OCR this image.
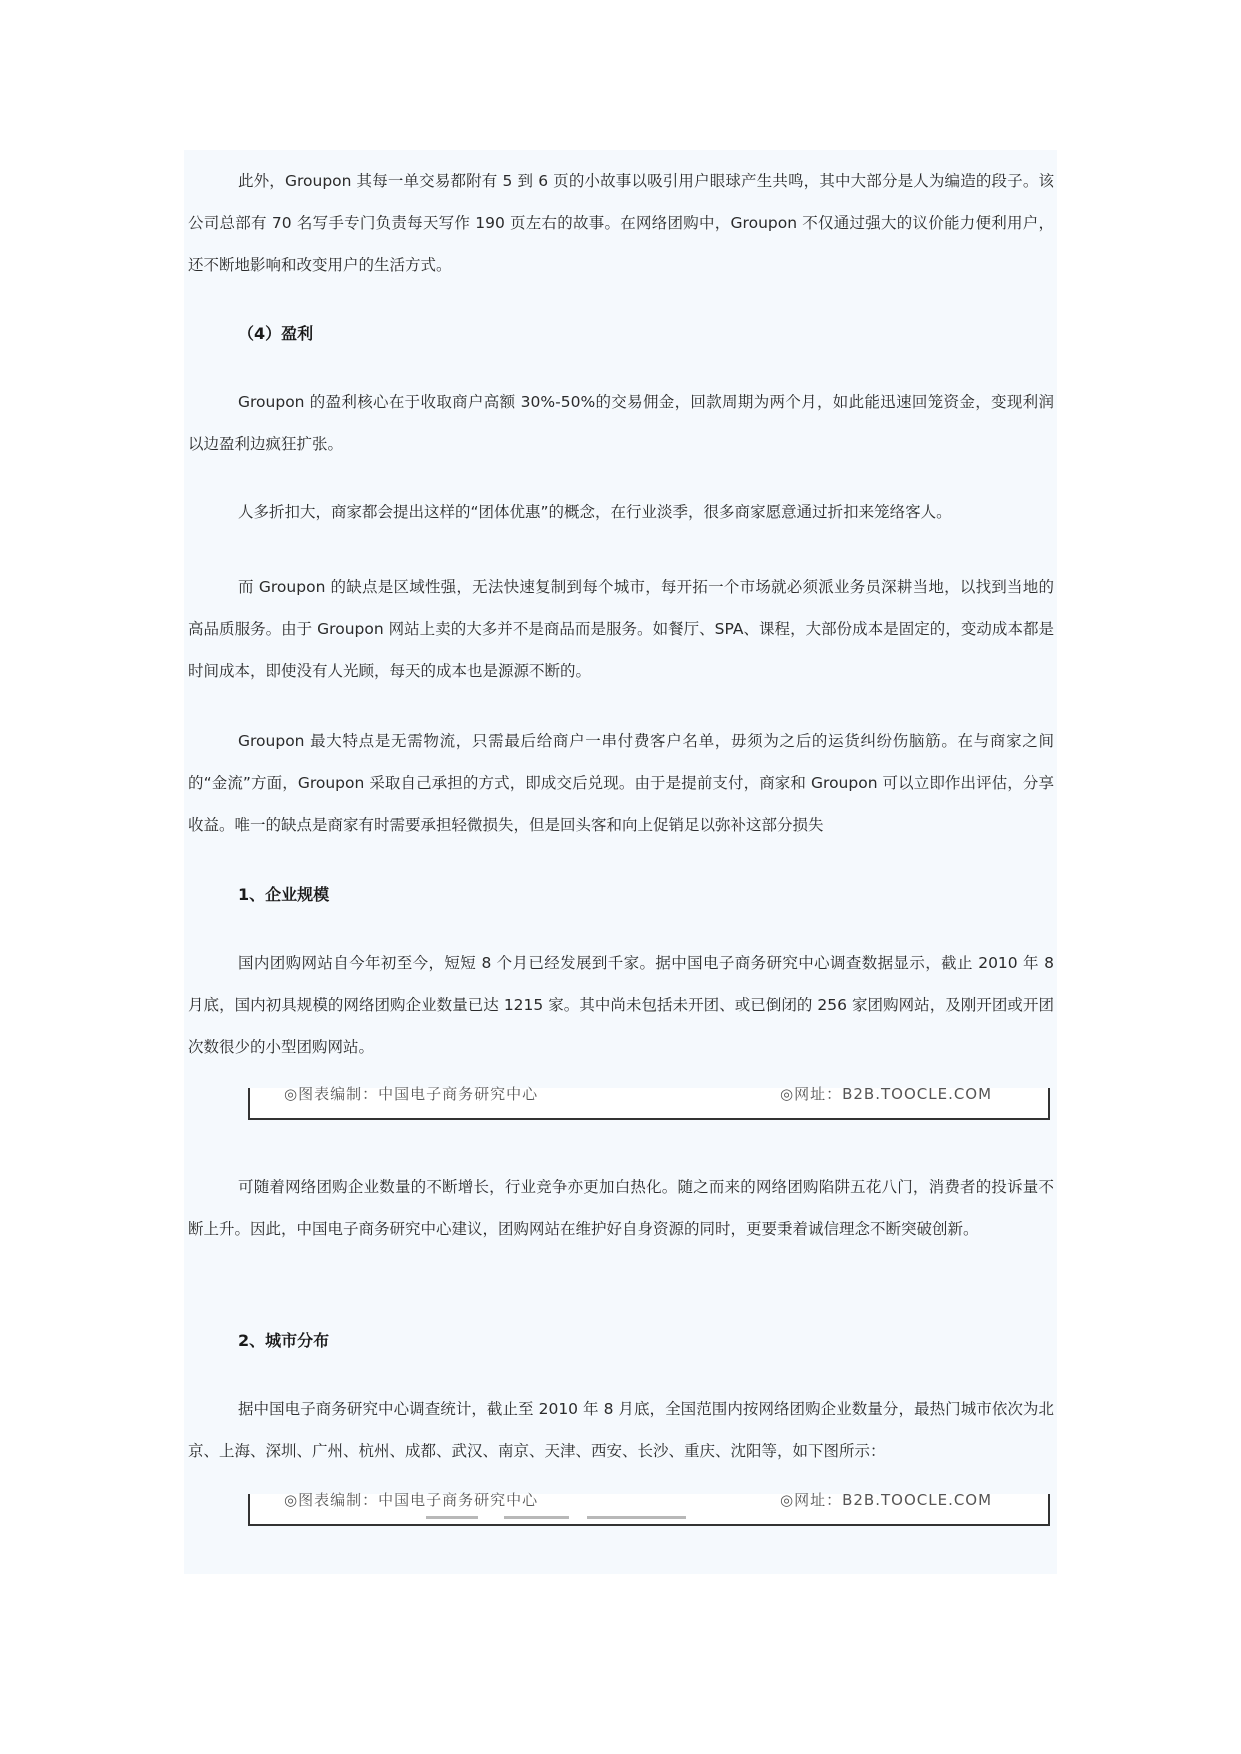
此外，Groupon 其每一单交易都附有 5 到 6 页的小故事以吸引用户眼球产生共鸣，其中大部分是人为编造的段子。该公司总部有 70 名写手专门负责每天写作 190 页左右的故事。在网络团购中，Groupon 不仅通过强大的议价能力便利用户，还不断地影响和改变用户的生活方式。

（4）盈利

Groupon 的盈利核心在于收取商户高额 30%-50%的交易佣金，回款周期为两个月，如此能迅速回笼资金，变现利润以边盈利边疯狂扩张。

人多折扣大，商家都会提出这样的“团体优惠”的概念，在行业淡季，很多商家愿意通过折扣来笼络客人。

而 Groupon 的缺点是区域性强，无法快速复制到每个城市，每开拓一个市场就必须派业务员深耕当地，以找到当地的高品质服务。由于 Groupon 网站上卖的大多并不是商品而是服务。如餐厅、SPA、课程，大部份成本是固定的，变动成本都是时间成本，即使没有人光顾，每天的成本也是源源不断的。

Groupon 最大特点是无需物流，只需最后给商户一串付费客户名单，毋须为之后的运货纠纷伤脑筋。在与商家之间的“金流”方面，Groupon 采取自己承担的方式，即成交后兑现。由于是提前支付，商家和 Groupon 可以立即作出评估，分享收益。唯一的缺点是商家有时需要承担轻微损失，但是回头客和向上促销足以弥补这部分损失

1、企业规模

国内团购网站自今年初至今，短短 8 个月已经发展到千家。据中国电子商务研究中心调查数据显示，截止 2010 年 8 月底，国内初具规模的网络团购企业数量已达 1215 家。其中尚未包括未开团、或已倒闭的 256 家团购网站，及刚开团或开团次数很少的小型团购网站。

◎图表编制：中国电子商务研究中心	◎网址：B2B.TOOCLE.COM

可随着网络团购企业数量的不断增长，行业竞争亦更加白热化。随之而来的网络团购陷阱五花八门，消费者的投诉量不断上升。因此，中国电子商务研究中心建议，团购网站在维护好自身资源的同时，更要秉着诚信理念不断突破创新。

2、城市分布

据中国电子商务研究中心调查统计，截止至 2010 年 8 月底，全国范围内按网络团购企业数量分，最热门城市依次为北京、上海、深圳、广州、杭州、成都、武汉、南京、天津、西安、长沙、重庆、沈阳等，如下图所示：

◎图表编制：中国电子商务研究中心	◎网址：B2B.TOOCLE.COM
